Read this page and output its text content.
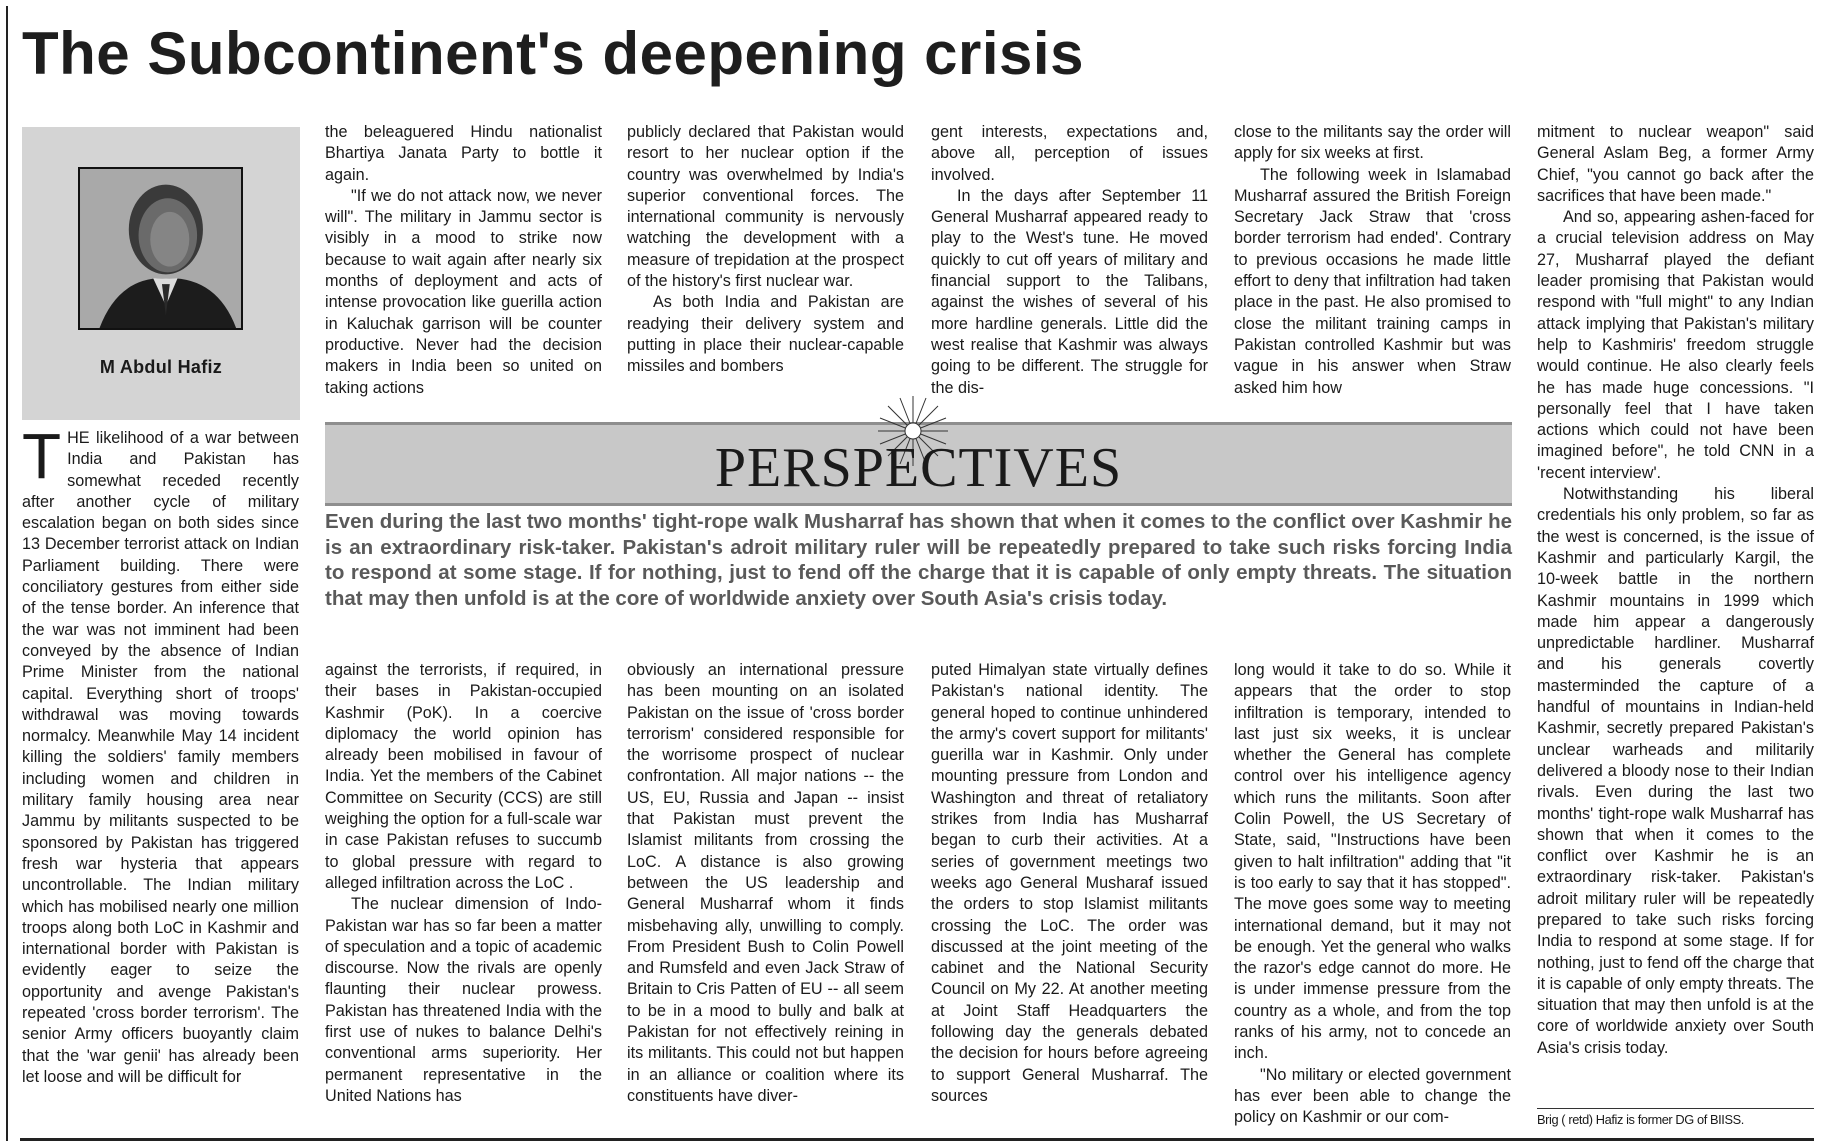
The Subcontinent's deepening crisis
M Abdul Hafiz
T HE likelihood of a war between India and Pakistan has somewhat receded recently after another cycle of military escalation began on both sides since 13 December terrorist attack on Indian Parliament building. There were conciliatory gestures from either side of the tense border. An inference that the war was not imminent had been conveyed by the absence of Indian Prime Minister from the national capital. Everything short of troops' withdrawal was moving towards normalcy. Meanwhile May 14 incident killing the soldiers' family members including women and children in military family housing area near Jammu by militants suspected to be sponsored by Pakistan has triggered fresh war hysteria that appears uncontrollable. The Indian military which has mobilised nearly one million troops along both LoC in Kashmir and international border with Pakistan is evidently eager to seize the opportunity and avenge Pakistan's repeated 'cross border terrorism'. The senior Army officers buoyantly claim that the 'war genii' has already been let loose and will be difficult for

the beleaguered Hindu nationalist Bhartiya Janata Party to bottle it again.

"If we do not attack now, we never will". The military in Jammu sector is visibly in a mood to strike now because to wait again after nearly six months of deployment and acts of intense provocation like guerilla action in Kaluchak garrison will be counter productive. Never had the decision makers in India been so united on taking actions

publicly declared that Pakistan would resort to her nuclear option if the country was overwhelmed by India's superior conventional forces. The international community is nervously watching the development with a measure of trepidation at the prospect of the history's first nuclear war.

As both India and Pakistan are readying their delivery system and putting in place their nuclear-capable missiles and bombers

gent interests, expectations and, above all, perception of issues involved.

In the days after September 11 General Musharraf appeared ready to play to the West's tune. He moved quickly to cut off years of military and financial support to the Talibans, against the wishes of several of his more hardline generals. Little did the west realise that Kashmir was always going to be different. The struggle for the dis-

close to the militants say the order will apply for six weeks at first.

The following week in Islamabad Musharraf assured the British Foreign Secretary Jack Straw that 'cross border terrorism had ended'. Contrary to previous occasions he made little effort to deny that infiltration had taken place in the past. He also promised to close the militant training camps in Pakistan controlled Kashmir but was vague in his answer when Straw asked him how

PERSPECTIVES
Even during the last two months' tight-rope walk Musharraf has shown that when it comes to the conflict over Kashmir he is an extraordinary risk-taker. Pakistan's adroit military ruler will be repeatedly prepared to take such risks forcing India to respond at some stage. If for nothing, just to fend off the charge that it is capable of only empty threats. The situation that may then unfold is at the core of worldwide anxiety over South Asia's crisis today.

against the terrorists, if required, in their bases in Pakistan-occupied Kashmir (PoK). In a coercive diplomacy the world opinion has already been mobilised in favour of India. Yet the members of the Cabinet Committee on Security (CCS) are still weighing the option for a full-scale war in case Pakistan refuses to succumb to global pressure with regard to alleged infiltration across the LoC .

The nuclear dimension of Indo-Pakistan war has so far been a matter of speculation and a topic of academic discourse. Now the rivals are openly flaunting their nuclear prowess. Pakistan has threatened India with the first use of nukes to balance Delhi's conventional arms superiority. Her permanent representative in the United Nations has

obviously an international pressure has been mounting on an isolated Pakistan on the issue of 'cross border terrorism' considered responsible for the worrisome prospect of nuclear confrontation. All major nations -- the US, EU, Russia and Japan -- insist that Pakistan must prevent the Islamist militants from crossing the LoC. A distance is also growing between the US leadership and General Musharraf whom it finds misbehaving ally, unwilling to comply. From President Bush to Colin Powell and Rumsfeld and even Jack Straw of Britain to Cris Patten of EU -- all seem to be in a mood to bully and balk at Pakistan for not effectively reining in its militants. This could not but happen in an alliance or coalition where its constituents have diver-

puted Himalyan state virtually defines Pakistan's national identity. The general hoped to continue unhindered the army's covert support for militants' guerilla war in Kashmir. Only under mounting pressure from London and Washington and threat of retaliatory strikes from India has Musharraf began to curb their activities. At a series of government meetings two weeks ago General Musharaf issued the orders to stop Islamist militants crossing the LoC. The order was discussed at the joint meeting of the cabinet and the National Security Council on My 22. At another meeting at Joint Staff Headquarters the following day the generals debated the decision for hours before agreeing to support General Musharraf. The sources

long would it take to do so. While it appears that the order to stop infiltration is temporary, intended to last just six weeks, it is unclear whether the General has complete control over his intelligence agency which runs the militants. Soon after Colin Powell, the US Secretary of State, said, "Instructions have been given to halt infiltration" adding that "it is too early to say that it has stopped". The move goes some way to meeting international demand, but it may not be enough. Yet the general who walks the razor's edge cannot do more. He is under immense pressure from the country as a whole, and from the top ranks of his army, not to concede an inch.

"No military or elected government has ever been able to change the policy on Kashmir or our com-

mitment to nuclear weapon" said General Aslam Beg, a former Army Chief, "you cannot go back after the sacrifices that have been made."

And so, appearing ashen-faced for a crucial television address on May 27, Musharraf played the defiant leader promising that Pakistan would respond with "full might" to any Indian attack implying that Pakistan's military help to Kashmiris' freedom struggle would continue. He also clearly feels he has made huge concessions. "I personally feel that I have taken actions which could not have been imagined before", he told CNN in a 'recent interview'.

Notwithstanding his liberal credentials his only problem, so far as the west is concerned, is the issue of Kashmir and particularly Kargil, the 10-week battle in the northern Kashmir mountains in 1999 which made him appear a dangerously unpredictable hardliner. Musharraf and his generals covertly masterminded the capture of a handful of mountains in Indian-held Kashmir, secretly prepared Pakistan's unclear warheads and militarily delivered a bloody nose to their Indian rivals. Even during the last two months' tight-rope walk Musharraf has shown that when it comes to the conflict over Kashmir he is an extraordinary risk-taker. Pakistan's adroit military ruler will be repeatedly prepared to take such risks forcing India to respond at some stage. If for nothing, just to fend off the charge that it is capable of only empty threats. The situation that may then unfold is at the core of worldwide anxiety over South Asia's crisis today.

Brig ( retd) Hafiz is former DG of BIISS.
